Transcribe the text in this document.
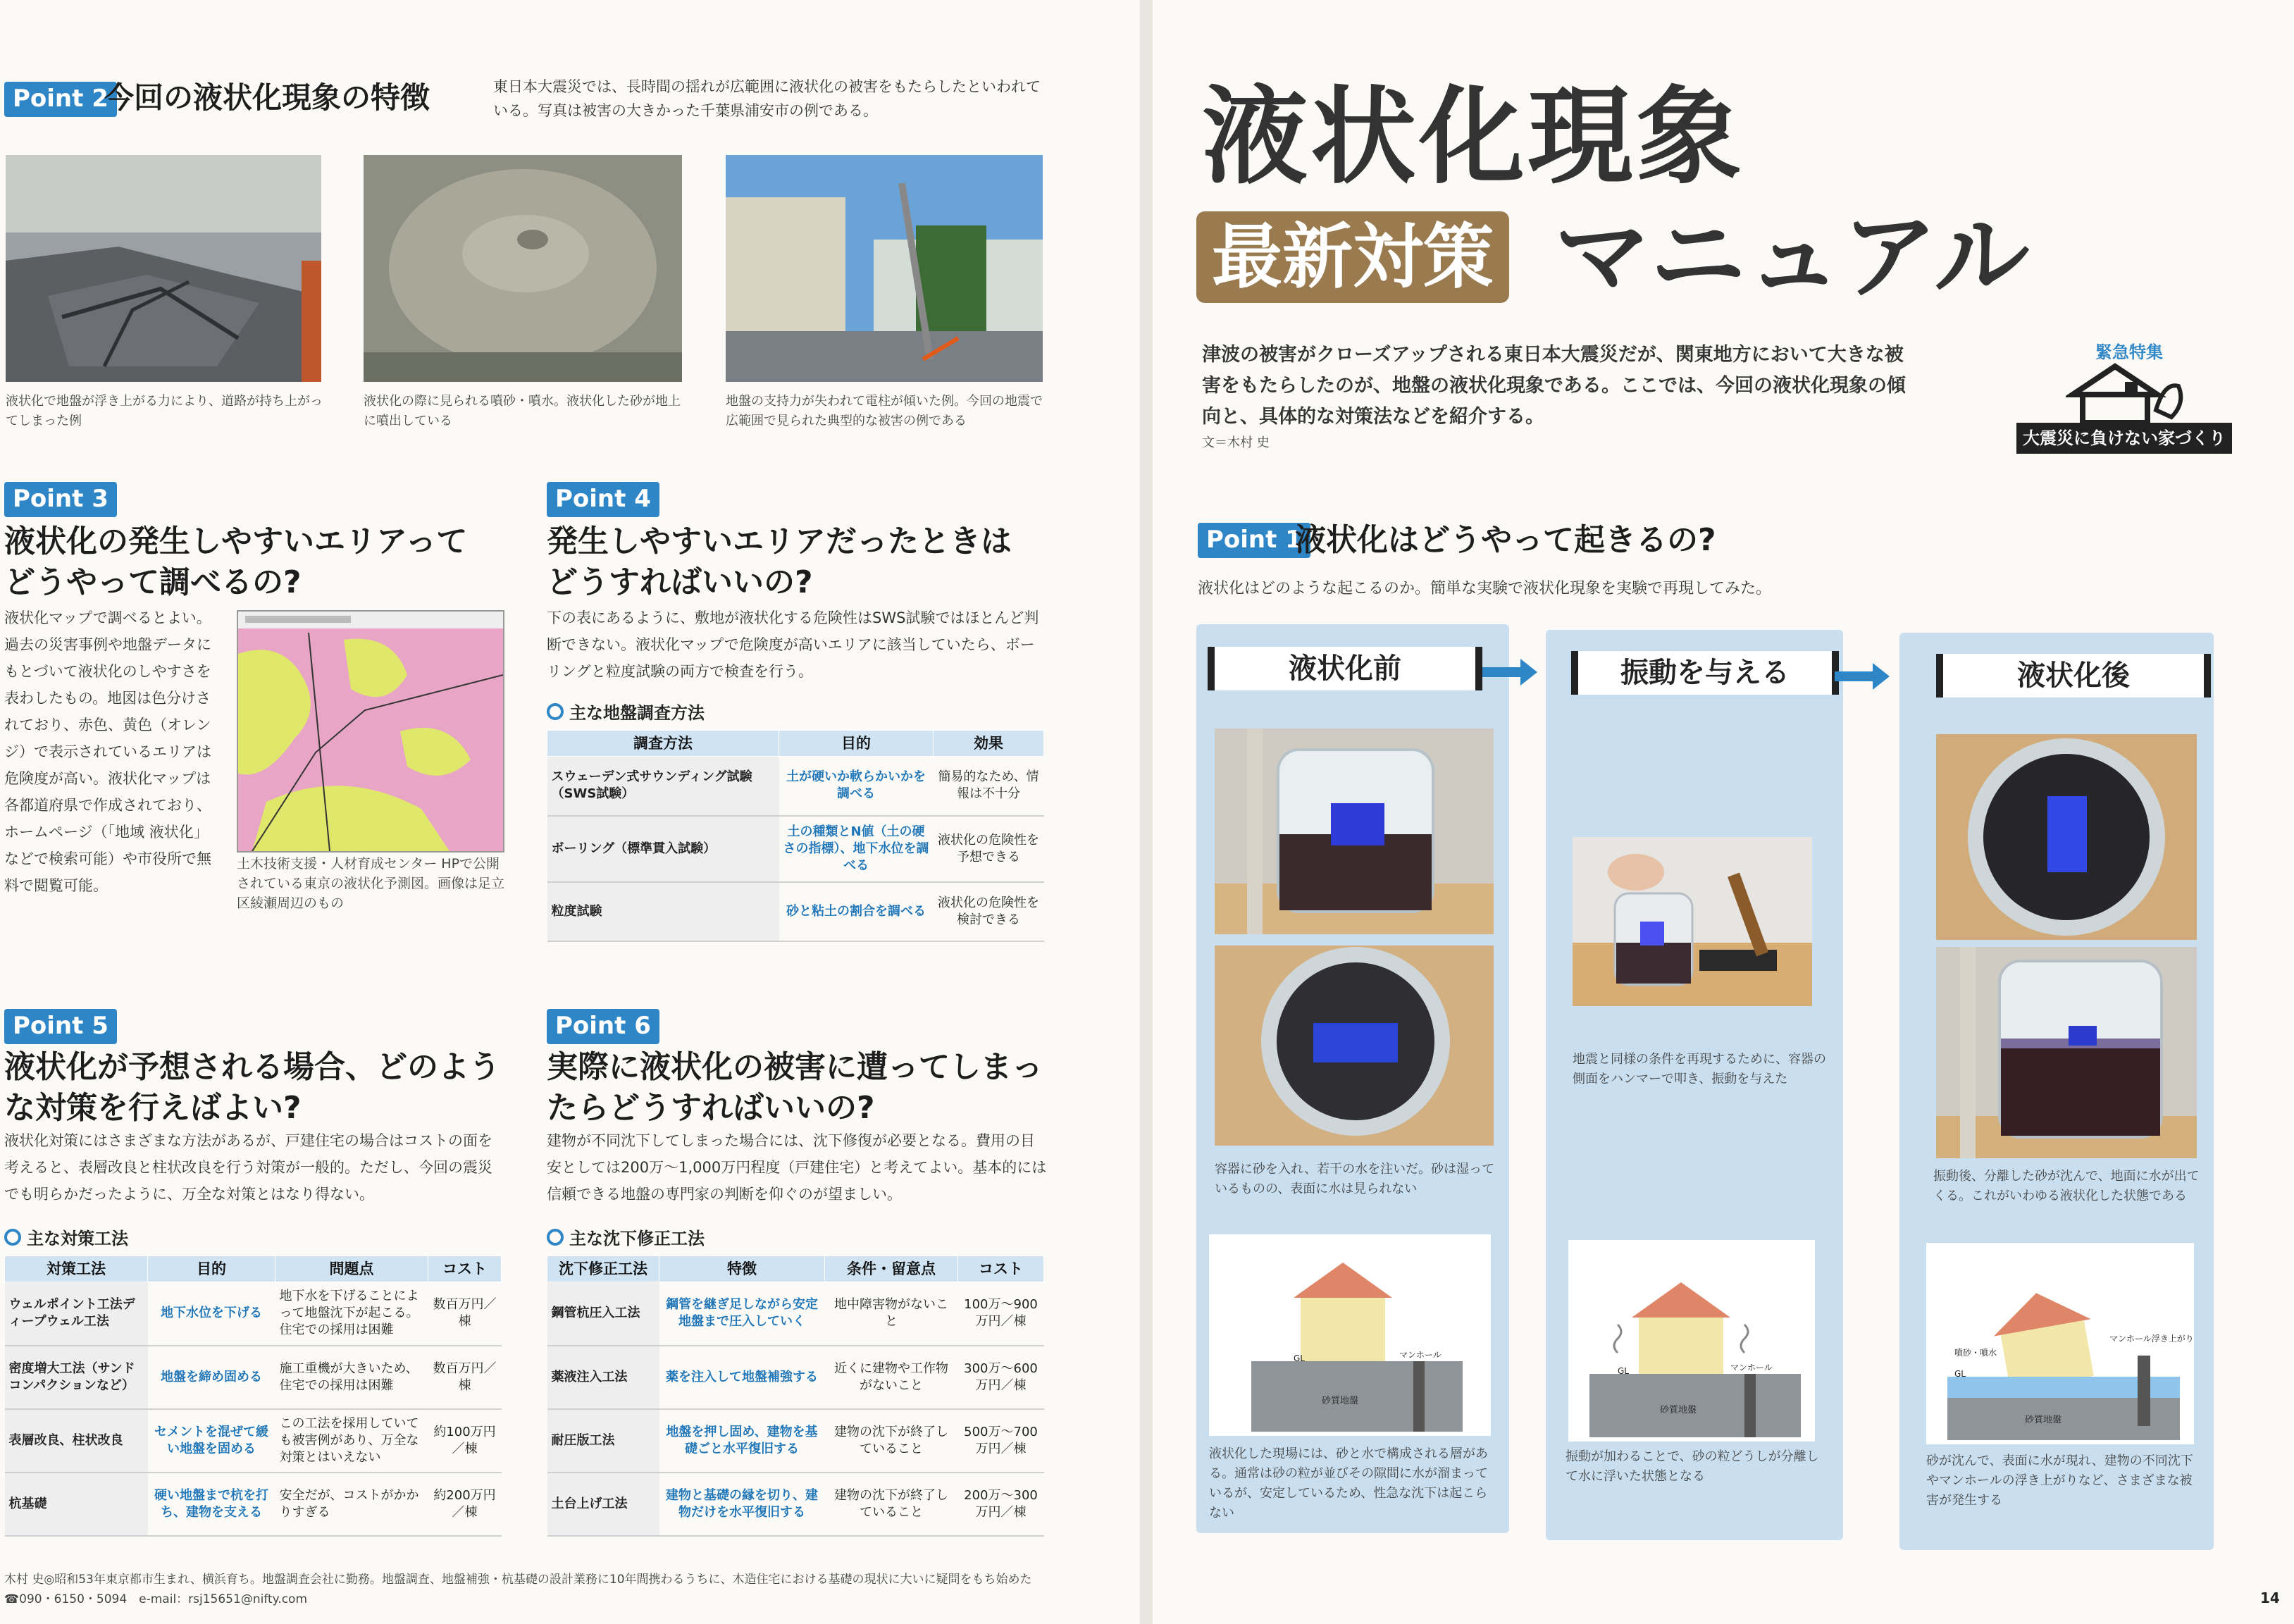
Point 2
今回の液状化現象の特徴	東日本大震災では、長時間の揺れが広範囲に液状化の被害をもたらしたといわれている。写真は被害の大きかった千葉県浦安市の例である。
液状化で地盤が浮き上がる力により、道路が持ち上がってしまった例
液状化の際に見られる噴砂・噴水。液状化した砂が地上に噴出している
地盤の支持力が失われて電柱が傾いた例。今回の地震で広範囲で見られた典型的な被害の例である
Point 3
液状化の発生しやすいエリアってどうやって調べるの?
液状化マップで調べるとよい。過去の災害事例や地盤データにもとづいて液状化のしやすさを表わしたもの。地図は色分けされており、赤色、黄色（オレンジ）で表示されているエリアは危険度が高い。液状化マップは各都道府県で作成されており、ホームページ（「地域 液状化」などで検索可能）や市役所で無料で閲覧可能。
土木技術支援・人材育成センター HPで公開されている東京の液状化予測図。画像は足立区綾瀬周辺のもの
Point 4
発生しやすいエリアだったときはどうすればいいの?
下の表にあるように、敷地が液状化する危険性はSWS試験ではほとんど判断できない。液状化マップで危険度が高いエリアに該当していたら、ボーリングと粒度試験の両方で検査を行う。
主な地盤調査方法
調査方法	目的	効果
スウェーデン式サウンディング試験（SWS試験）	土が硬いか軟らかいかを調べる	簡易的なため、情報は不十分
ボーリング（標準貫入試験）	土の種類とN値（土の硬さの指標）、地下水位を調べる	液状化の危険性を予想できる
粒度試験	砂と粘土の割合を調べる	液状化の危険性を検討できる
Point 5
液状化が予想される場合、どのような対策を行えばよい?
液状化対策にはさまざまな方法があるが、戸建住宅の場合はコストの面を考えると、表層改良と柱状改良を行う対策が一般的。ただし、今回の震災でも明らかだったように、万全な対策とはなり得ない。
主な対策工法
対策工法	目的	問題点	コスト
ウェルポイント工法ディープウェル工法	地下水位を下げる	地下水を下げることによって地盤沈下が起こる。住宅での採用は困難	数百万円／棟
密度増大工法（サンドコンパクションなど）	地盤を締め固める	施工重機が大きいため、住宅での採用は困難	数百万円／棟
表層改良、柱状改良	セメントを混ぜて緩い地盤を固める	この工法を採用していても被害例があり、万全な対策とはいえない	約100万円／棟
杭基礎	硬い地盤まで杭を打ち、建物を支える	安全だが、コストがかかりすぎる	約200万円／棟
Point 6
実際に液状化の被害に遭ってしまったらどうすればいいの?
建物が不同沈下してしまった場合には、沈下修復が必要となる。費用の目安としては200万～1,000万円程度（戸建住宅）と考えてよい。基本的には信頼できる地盤の専門家の判断を仰ぐのが望ましい。
主な沈下修正工法
沈下修正工法	特徴	条件・留意点	コスト
鋼管杭圧入工法	鋼管を継ぎ足しながら安定地盤まで圧入していく	地中障害物がないこと	100万～900万円／棟
薬液注入工法	薬を注入して地盤補強する	近くに建物や工作物がないこと	300万～600万円／棟
耐圧版工法	地盤を押し固め、建物を基礎ごと水平復旧する	建物の沈下が終了していること	500万～700万円／棟
土台上げ工法	建物と基礎の縁を切り、建物だけを水平復旧する	建物の沈下が終了していること	200万～300万円／棟
木村 史◎昭和53年東京都市生まれ、横浜育ち。地盤調査会社に勤務。地盤調査、地盤補強・杭基礎の設計業務に10年間携わるうちに、木造住宅における基礎の現状に大いに疑問をもち始めた
☎090・6150・5094　e-mail：rsj15651@nifty.com
液状化現象
最新対策 マニュアル
津波の被害がクローズアップされる東日本大震災だが、関東地方において大きな被害をもたらしたのが、地盤の液状化現象である。ここでは、今回の液状化現象の傾向と、具体的な対策法などを紹介する。
文＝木村 史
緊急特集
大震災に負けない家づくり
Point 1
液状化はどうやって起きるの?
液状化はどのような起こるのか。簡単な実験で液状化現象を実験で再現してみた。
液状化前	振動を与える	液状化後
容器に砂を入れ、若干の水を注いだ。砂は湿っているものの、表面に水は見られない
地震と同様の条件を再現するために、容器の側面をハンマーで叩き、振動を与えた
振動後、分離した砂が沈んで、地面に水が出てくる。これがいわゆる液状化した状態である
GL	マンホール
砂質地盤
GL	マンホール
砂質地盤
噴砂・噴水
GL
マンホール浮き上がり
砂質地盤
液状化した現場には、砂と水で構成される層がある。通常は砂の粒が並びその隙間に水が溜まっているが、安定しているため、性急な沈下は起こらない
振動が加わることで、砂の粒どうしが分離して水に浮いた状態となる
砂が沈んで、表面に水が現れ、建物の不同沈下やマンホールの浮き上がりなど、さまざまな被害が発生する
14
